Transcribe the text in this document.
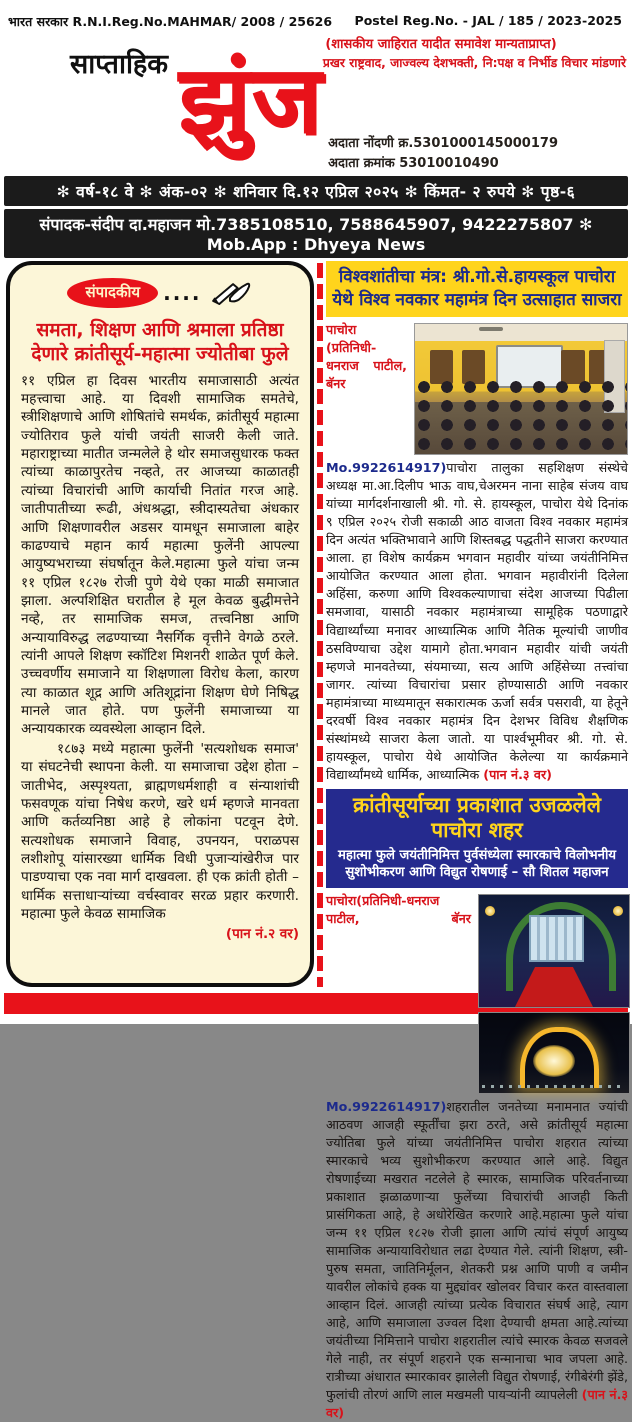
भारत सरकार R.N.I.Reg.No.MAHMAR/ 2008 / 25626 Postel Reg.No. - JAL / 185 / 2023-2025
(शासकीय जाहिरात यादीत समावेश मान्यताप्राप्त)
साप्ताहिक झुंज प्रखर राष्ट्रवाद, जाज्वल्य देशभक्ती, नि:पक्ष व निर्भीड विचार मांडणारे
अदाता नोंदणी क्र.5301000145000179
अदाता क्रमांक 53010010490
✻ वर्ष-१८ वे ✻ अंक-०२ ✻ शनिवार दि.१२ एप्रिल २०२५ ✻ किंमत- २ रुपये ✻ पृष्ठ-६
संपादक-संदीप दा.महाजन मो.7385108510, 7588645907, 9422275807 ✻ Mob.App : Dhyeya News
संपादकीय	....
समता, शिक्षण आणि श्रमाला प्रतिष्ठा देणारे क्रांतीसूर्य-महात्मा ज्योतीबा फुले

११ एप्रिल हा दिवस भारतीय समाजासाठी अत्यंत महत्त्वाचा आहे. या दिवशी सामाजिक समतेचे, स्त्रीशिक्षणाचे आणि शोषितांचे समर्थक, क्रांतीसूर्य महात्मा ज्योतिराव फुले यांची जयंती साजरी केली जाते. महाराष्ट्राच्या मातीत जन्मलेले हे थोर समाजसुधारक फक्त त्यांच्या काळापुरतेच नव्हते, तर आजच्या काळातही त्यांच्या विचारांची आणि कार्याची नितांत गरज आहे. जातीपातीच्या रूढी, अंधश्रद्धा, स्त्रीदास्यतेचा अंधकार आणि शिक्षणावरील अडसर यामधून समाजाला बाहेर काढण्याचे महान कार्य महात्मा फुलेंनी आपल्या आयुष्यभराच्या संघर्षातून केले.महात्मा फुले यांचा जन्म ११ एप्रिल १८२७ रोजी पुणे येथे एका माळी समाजात झाला. अल्पशिक्षित घरातील हे मूल केवळ बुद्धीमत्तेने नव्हे, तर सामाजिक समज, तत्त्वनिष्ठा आणि अन्यायाविरुद्ध लढण्याच्या नैसर्गिक वृत्तीने वेगळे ठरले. त्यांनी आपले शिक्षण स्कॉटिश मिशनरी शाळेत पूर्ण केले. उच्चवर्णीय समाजाने या शिक्षणाला विरोध केला, कारण त्या काळात शूद्र आणि अतिशूद्रांना शिक्षण घेणे निषिद्ध मानले जात होते. पण फुलेंनी समाजाच्या या अन्यायकारक व्यवस्थेला आव्हान दिले.

१८७३ मध्ये महात्मा फुलेंनी 'सत्यशोधक समाज' या संघटनेची स्थापना केली. या समाजाचा उद्देश होता – जातीभेद, अस्पृश्यता, ब्राह्मणधर्मशाही व संन्याशांची फसवणूक यांचा निषेध करणे, खरे धर्म म्हणजे मानवता आणि कर्तव्यनिष्ठा आहे हे लोकांना पटवून देणे. सत्यशोधक समाजाने विवाह, उपनयन, पराळपस लशीशोपू यांसारख्या धार्मिक विधी पुजाऱ्यांखेरीज पार पाडण्याचा एक नवा मार्ग दाखवला. ही एक क्रांती होती – धार्मिक सत्ताधाऱ्यांच्या वर्चस्वावर सरळ प्रहार करणारी. महात्मा फुले केवळ सामाजिक

(पान नं.२ वर)
विश्वशांतीचा मंत्र: श्री.गो.से.हायस्कूल पाचोरा येथे विश्व नवकार महामंत्र दिन उत्साहात साजरा

पाचोरा (प्रतिनिधी-धनराज पाटील, बॅनर Mo.9922614917)पाचोरा तालुका सहशिक्षण संस्थेचे अध्यक्ष मा.आ.दिलीप भाऊ वाघ,चेअरमन नाना साहेब संजय वाघ यांच्या मार्गदर्शनाखाली श्री. गो. से. हायस्कूल, पाचोरा येथे दिनांक ९ एप्रिल २०२५ रोजी सकाळी आठ वाजता विश्व नवकार महामंत्र दिन अत्यंत भक्तिभावाने आणि शिस्तबद्ध पद्धतीने साजरा करण्यात आला. हा विशेष कार्यक्रम भगवान महावीर यांच्या जयंतीनिमित्त आयोजित करण्यात आला होता. भगवान महावीरांनी दिलेला अहिंसा, करुणा आणि विश्वकल्याणाचा संदेश आजच्या पिढीला समजावा, यासाठी नवकार महामंत्राच्या सामूहिक पठणाद्वारे विद्यार्थ्यांच्या मनावर आध्यात्मिक आणि नैतिक मूल्यांची जाणीव ठसविण्याचा उद्देश यामागे होता.भगवान महावीर यांची जयंती म्हणजे मानवतेच्या, संयमाच्या, सत्य आणि अहिंसेच्या तत्त्वांचा जागर. त्यांच्या विचारांचा प्रसार होण्यासाठी आणि नवकार महामंत्राच्या माध्यमातून सकारात्मक ऊर्जा सर्वत्र पसरावी, या हेतूने दरवर्षी विश्व नवकार महामंत्र दिन देशभर विविध शैक्षणिक संस्थांमध्ये साजरा केला जातो. या पार्श्वभूमीवर श्री. गो. से. हायस्कूल, पाचोरा येथे आयोजित केलेल्या या कार्यक्रमाने विद्यार्थ्यांमध्ये धार्मिक, आध्यात्मिक (पान नं.३ वर)

क्रांतीसूर्याच्या प्रकाशात उजळलेले पाचोरा शहर
महात्मा फुले जयंतीनिमित्त पुर्वसंध्येला स्मारकाचे विलोभनीय सुशोभीकरण आणि विद्युत रोषणाई – सौ शितल महाजन

पाचोरा(प्रतिनिधी-धनराज पाटील, बॅनर Mo.9922614917)शहरातील जनतेच्या मनामनात ज्यांची आठवण आजही स्फूर्तींचा झरा ठरते, असे क्रांतीसूर्य महात्मा ज्योतिबा फुले यांच्या जयंतीनिमित्त पाचोरा शहरात त्यांच्या स्मारकाचे भव्य सुशोभीकरण करण्यात आले आहे. विद्युत रोषणाईच्या मखरात नटलेले हे स्मारक, सामाजिक परिवर्तनाच्या प्रकाशात झळाळणाऱ्या फुलेंच्या विचारांची आजही किती प्रासंगिकता आहे, हे अधोरेखित करणारे आहे.महात्मा फुले यांचा जन्म ११ एप्रिल १८२७ रोजी झाला आणि त्यांचं संपूर्ण आयुष्य सामाजिक अन्यायाविरोधात लढा देण्यात गेले. त्यांनी शिक्षण, स्त्री-पुरुष समता, जातिनिर्मूलन, शेतकरी प्रश्न आणि पाणी व जमीन यावरील लोकांचे हक्क या मुद्द्यांवर खोलवर विचार करत वास्तवाला आव्हान दिलं. आजही त्यांच्या प्रत्येक विचारात संघर्ष आहे, त्याग आहे, आणि समाजाला उज्वल दिशा देण्याची क्षमता आहे.त्यांच्या जयंतीच्या निमित्ताने पाचोरा शहरातील त्यांचे स्मारक केवळ सजवले गेले नाही, तर संपूर्ण शहराने एक सन्मानाचा भाव जपला आहे. रात्रीच्या अंधारात स्मारकावर झालेली विद्युत रोषणाई, रंगीबेरंगी झेंडे, फुलांची तोरणं आणि लाल मखमली पायऱ्यांनी व्यापलेली (पान नं.३ वर)
